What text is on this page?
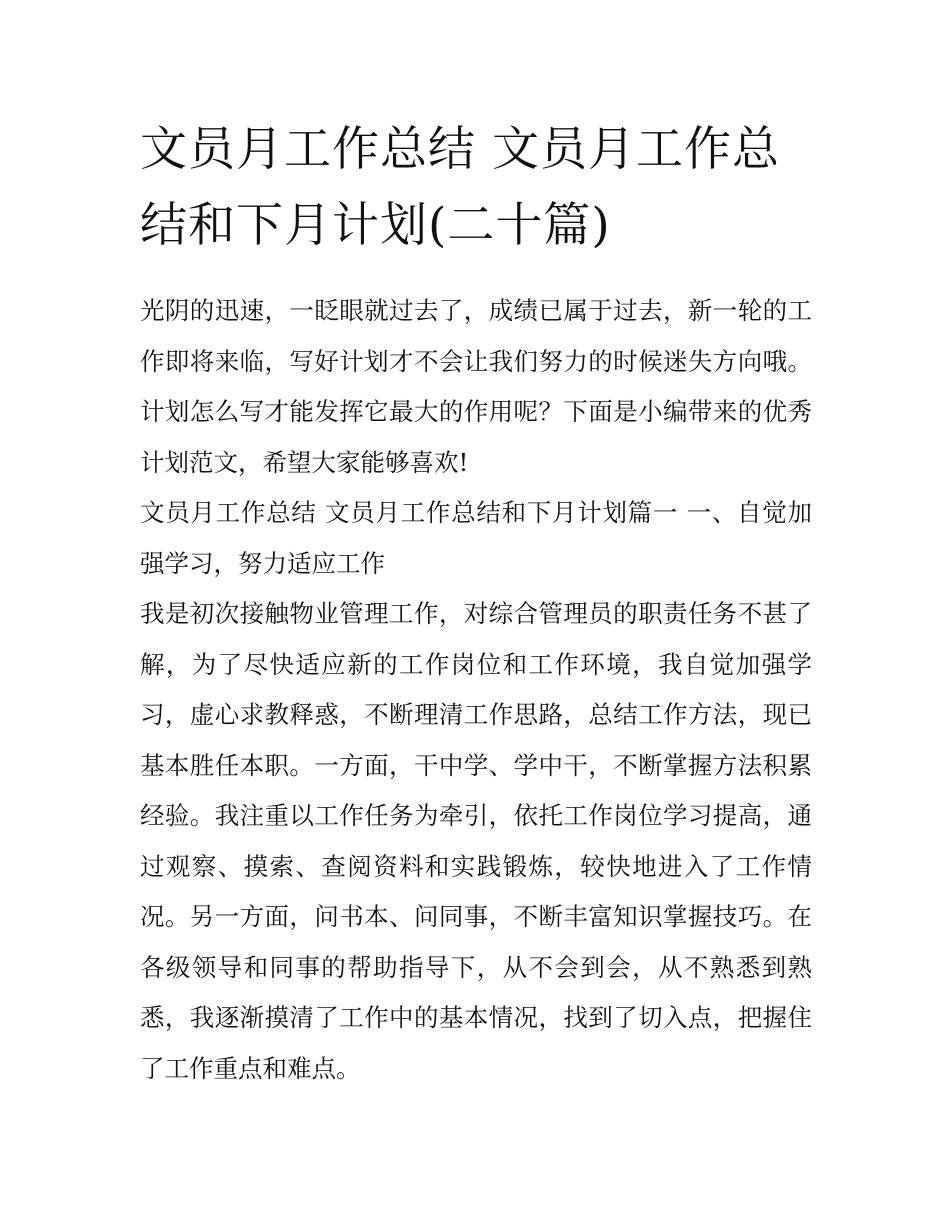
文员月工作总结 文员月工作总结和下月计划(二十篇)

光阴的迅速，一眨眼就过去了，成绩已属于过去，新一轮的工作即将来临，写好计划才不会让我们努力的时候迷失方向哦。计划怎么写才能发挥它最大的作用呢？下面是小编带来的优秀计划范文，希望大家能够喜欢!

文员月工作总结 文员月工作总结和下月计划篇一 一、自觉加强学习，努力适应工作

我是初次接触物业管理工作，对综合管理员的职责任务不甚了解，为了尽快适应新的工作岗位和工作环境，我自觉加强学习，虚心求教释惑，不断理清工作思路，总结工作方法，现已基本胜任本职。一方面，干中学、学中干，不断掌握方法积累经验。我注重以工作任务为牵引，依托工作岗位学习提高，通过观察、摸索、查阅资料和实践锻炼，较快地进入了工作情况。另一方面，问书本、问同事，不断丰富知识掌握技巧。在各级领导和同事的帮助指导下，从不会到会，从不熟悉到熟悉，我逐渐摸清了工作中的基本情况，找到了切入点，把握住了工作重点和难点。
